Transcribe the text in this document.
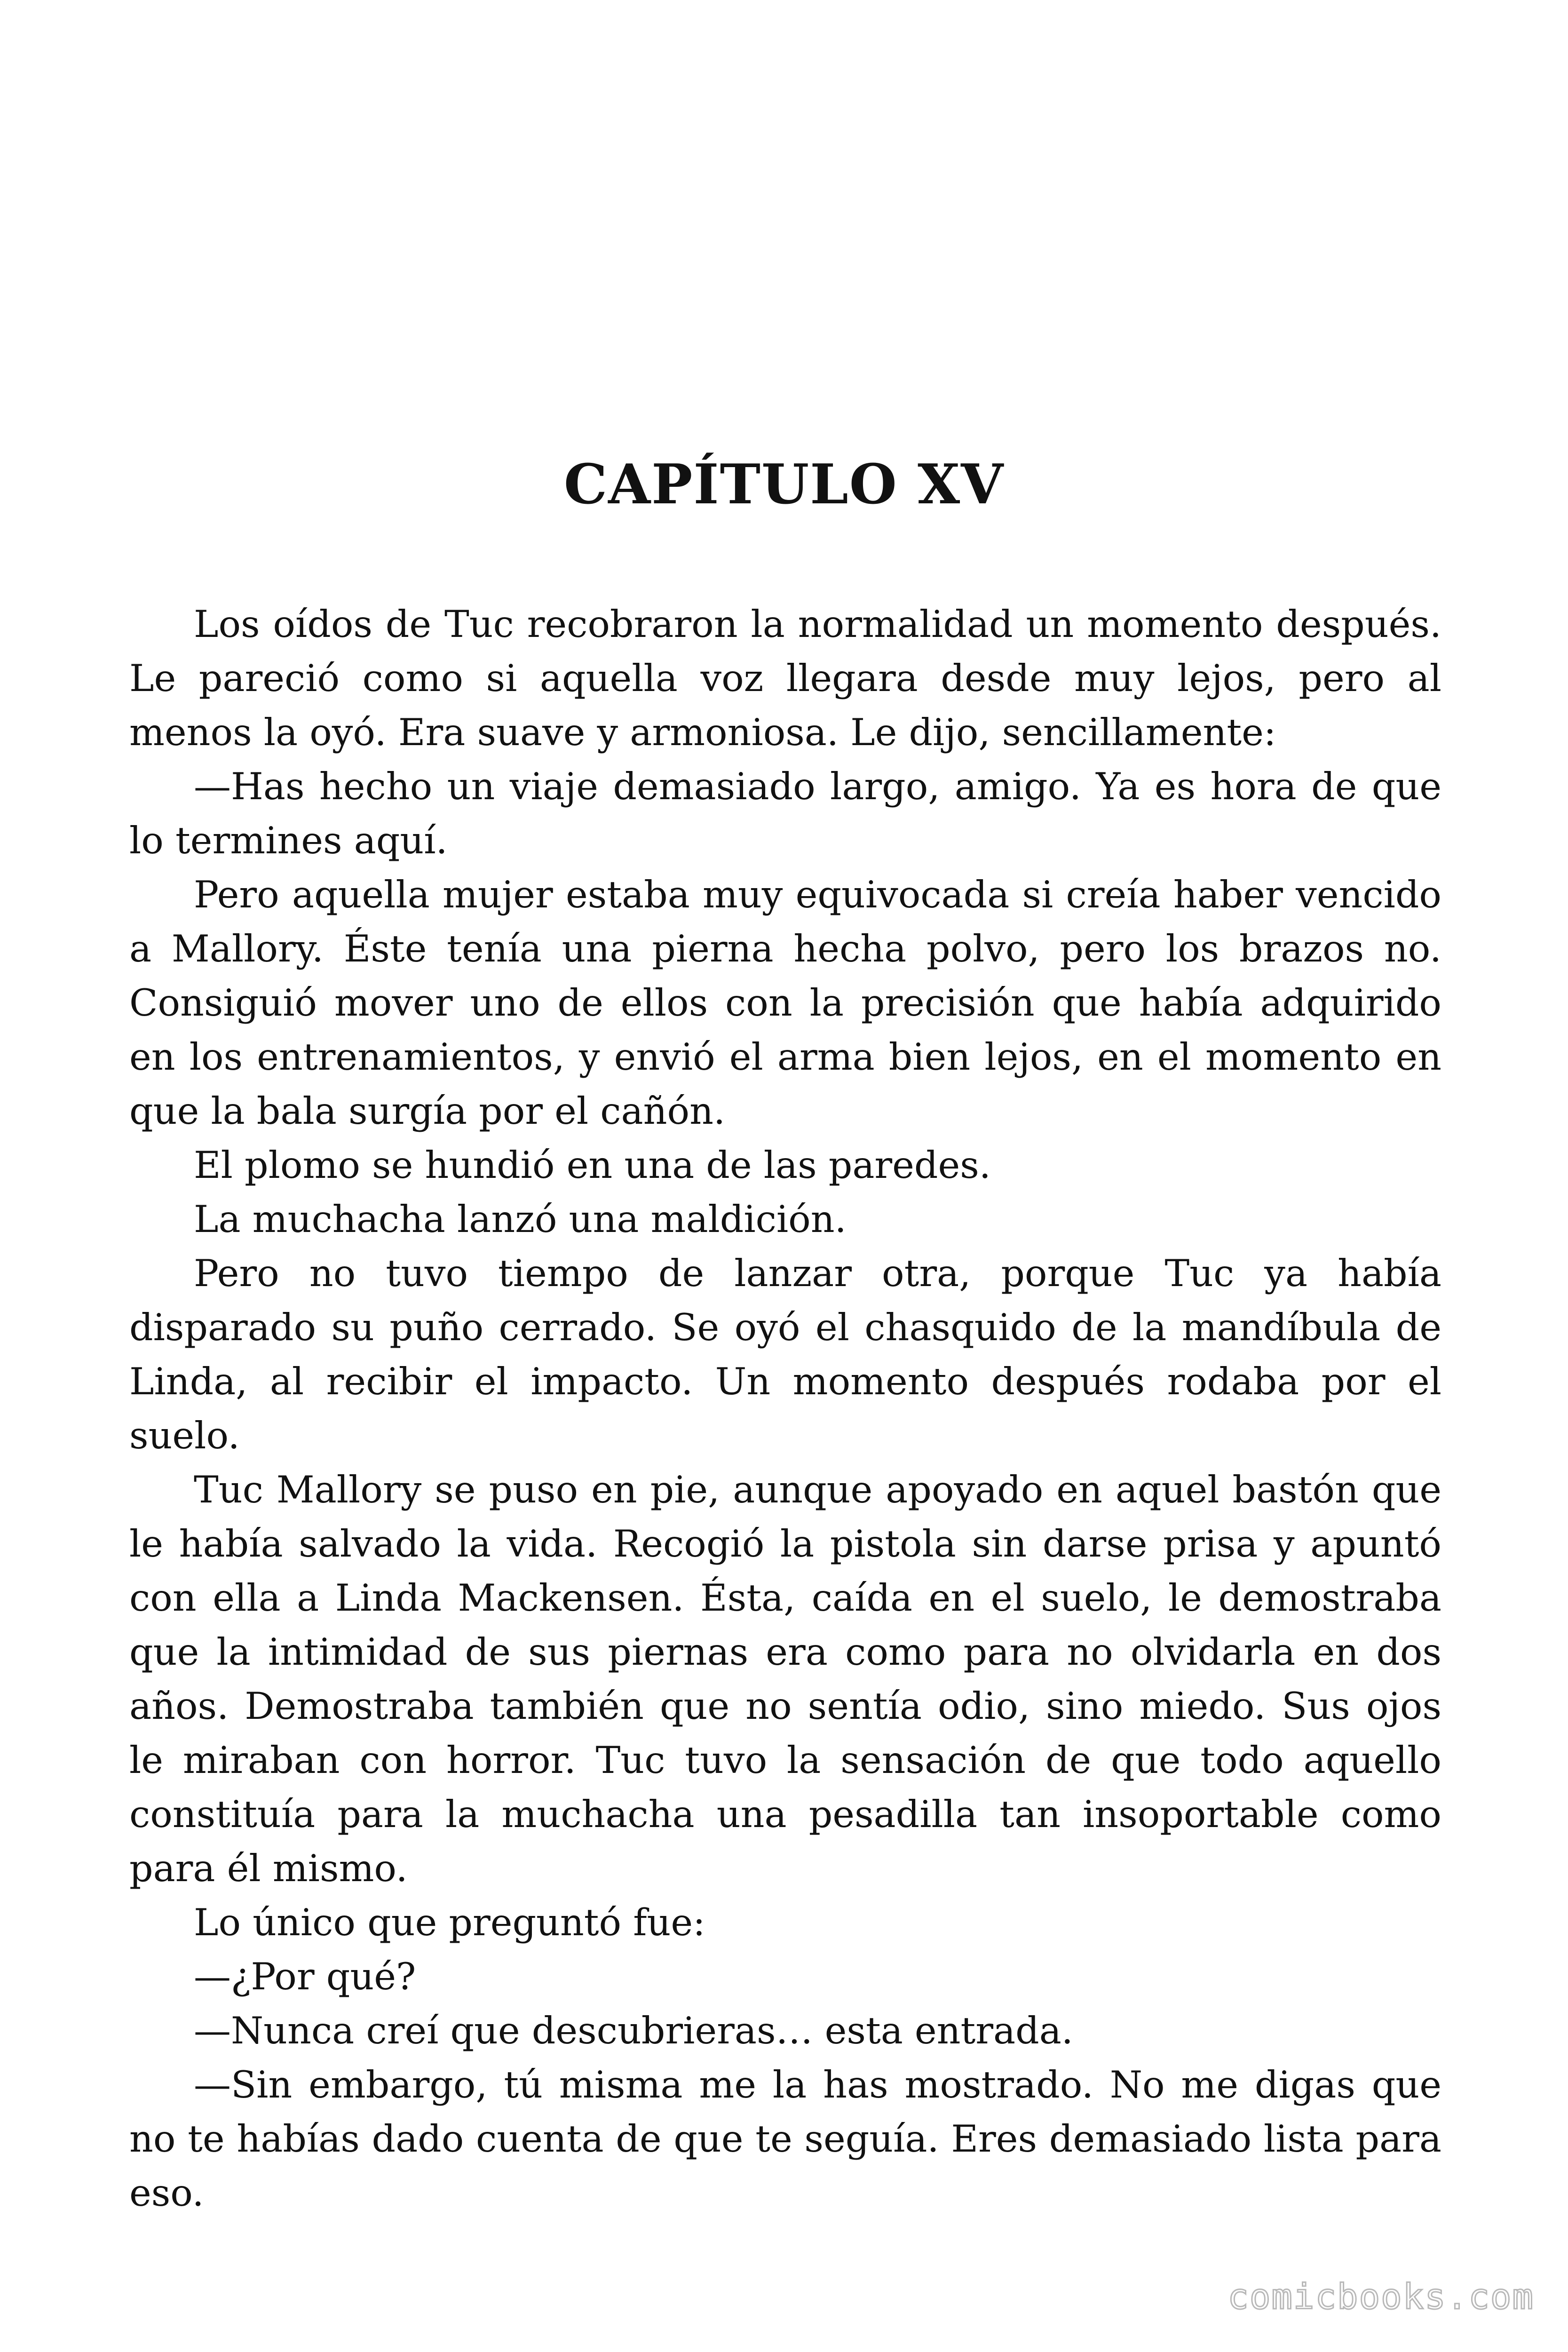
CAPÍTULO XV

Los oídos de Tuc recobraron la normalidad un momento después. Le pareció como si aquella voz llegara desde muy lejos, pero al menos la oyó. Era suave y armoniosa. Le dijo, sencillamente:

—Has hecho un viaje demasiado largo, amigo. Ya es hora de que lo termines aquí.

Pero aquella mujer estaba muy equivocada si creía haber vencido a Mallory. Éste tenía una pierna hecha polvo, pero los brazos no. Consiguió mover uno de ellos con la precisión que había adquirido en los entrenamientos, y envió el arma bien lejos, en el momento en que la bala surgía por el cañón.

El plomo se hundió en una de las paredes.

La muchacha lanzó una maldición.

Pero no tuvo tiempo de lanzar otra, porque Tuc ya había disparado su puño cerrado. Se oyó el chasquido de la mandíbula de Linda, al recibir el impacto. Un momento después rodaba por el suelo.

Tuc Mallory se puso en pie, aunque apoyado en aquel bastón que le había salvado la vida. Recogió la pistola sin darse prisa y apuntó con ella a Linda Mackensen. Ésta, caída en el suelo, le demostraba que la intimidad de sus piernas era como para no olvidarla en dos años. Demostraba también que no sentía odio, sino miedo. Sus ojos le miraban con horror. Tuc tuvo la sensación de que todo aquello constituía para la muchacha una pesadilla tan insoportable como para él mismo.

Lo único que preguntó fue:

—¿Por qué?

—Nunca creí que descubrieras… esta entrada.

—Sin embargo, tú misma me la has mostrado. No me digas que no te habías dado cuenta de que te seguía. Eres demasiado lista para eso.

comicbooks.com
